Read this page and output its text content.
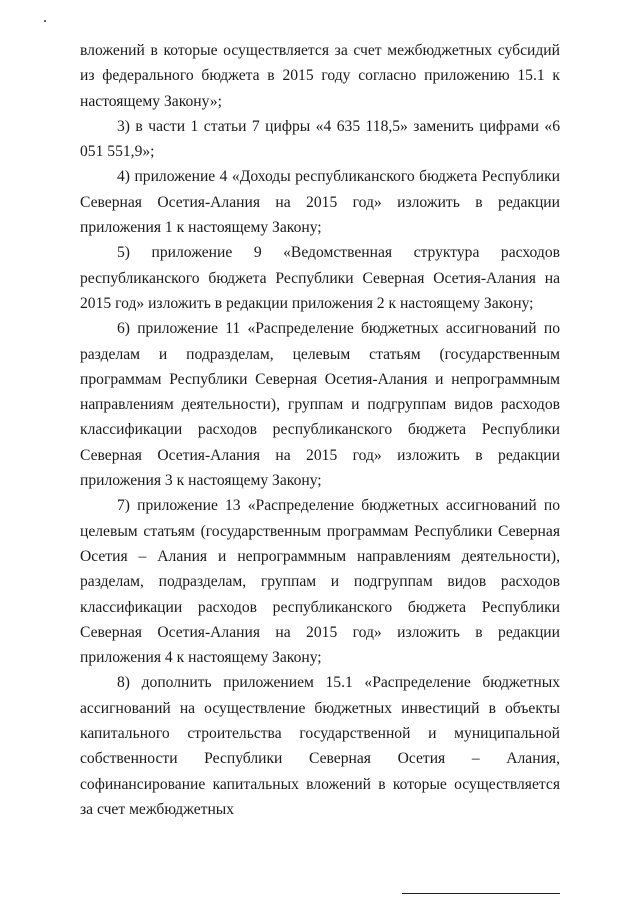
вложений в которые осуществляется за счет межбюджетных субсидий из федерального бюджета в 2015 году согласно приложению 15.1 к настоящему Закону»;

3) в части 1 статьи 7 цифры «4 635 118,5» заменить цифрами «6 051 551,9»;

4) приложение 4 «Доходы республиканского бюджета Республики Северная Осетия-Алания на 2015 год» изложить в редакции приложения 1 к настоящему Закону;

5) приложение 9 «Ведомственная структура расходов республиканского бюджета Республики Северная Осетия-Алания на 2015 год» изложить в редакции приложения 2 к настоящему Закону;

6) приложение 11 «Распределение бюджетных ассигнований по разделам и подразделам, целевым статьям (государственным программам Республики Северная Осетия-Алания и непрограммным направлениям деятельности), группам и подгруппам видов расходов классификации расходов республиканского бюджета Республики Северная Осетия-Алания на 2015 год» изложить в редакции приложения 3 к настоящему Закону;

7) приложение 13 «Распределение бюджетных ассигнований по целевым статьям (государственным программам Республики Северная Осетия – Алания и непрограммным направлениям деятельности), разделам, подразделам, группам и подгруппам видов расходов классификации расходов республиканского бюджета Республики Северная Осетия-Алания на 2015 год» изложить в редакции приложения 4 к настоящему Закону;

8) дополнить приложением 15.1 «Распределение бюджетных ассигнований на осуществление бюджетных инвестиций в объекты капитального строительства государственной и муниципальной собственности Республики Северная Осетия – Алания, софинансирование капитальных вложений в которые осуществляется за счет межбюджетных
